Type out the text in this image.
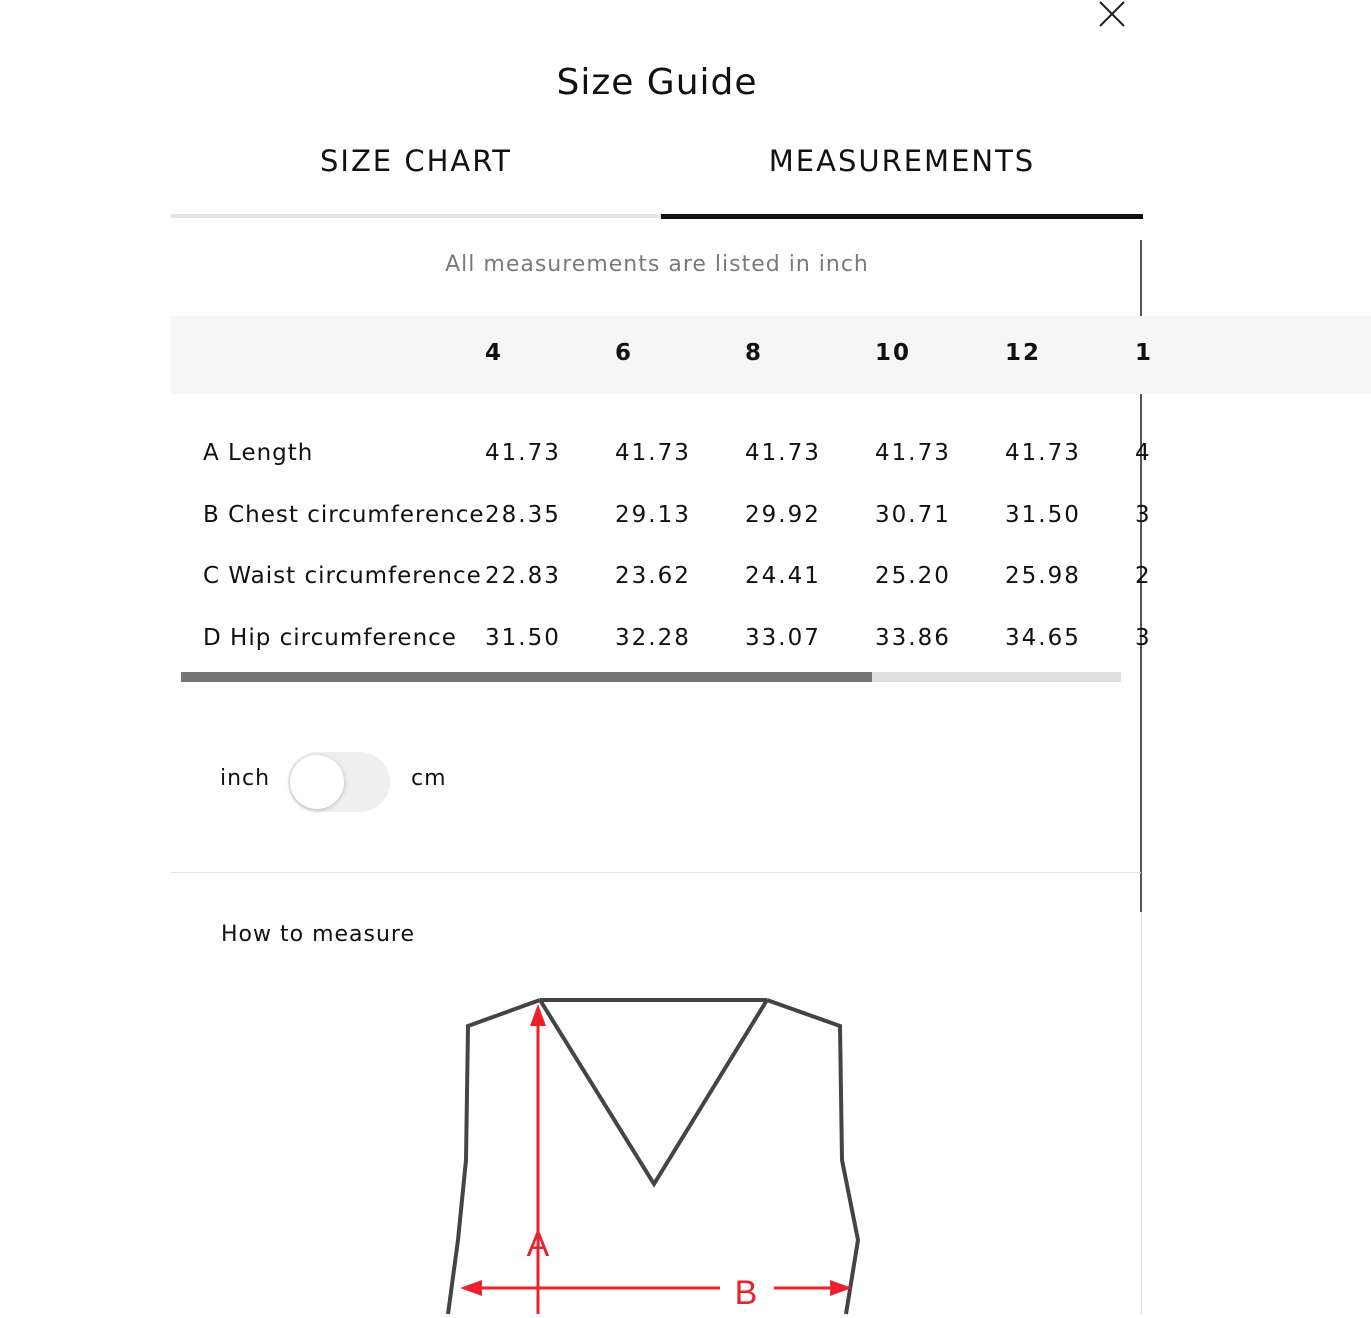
Size Guide
SIZE CHART	MEASUREMENTS
All measurements are listed in inch
4	6	8	10	12	1
A Length	41.73 41.73 41.73 41.73 41.73 4
B Chest circumference 28.35 29.13 29.92 30.71 31.50 3
C Waist circumference 22.83 23.62 24.41 25.20 25.98 2
D Hip circumference 31.50 32.28 33.07 33.86 34.65 3
inch	cm
How to measure
A
B
